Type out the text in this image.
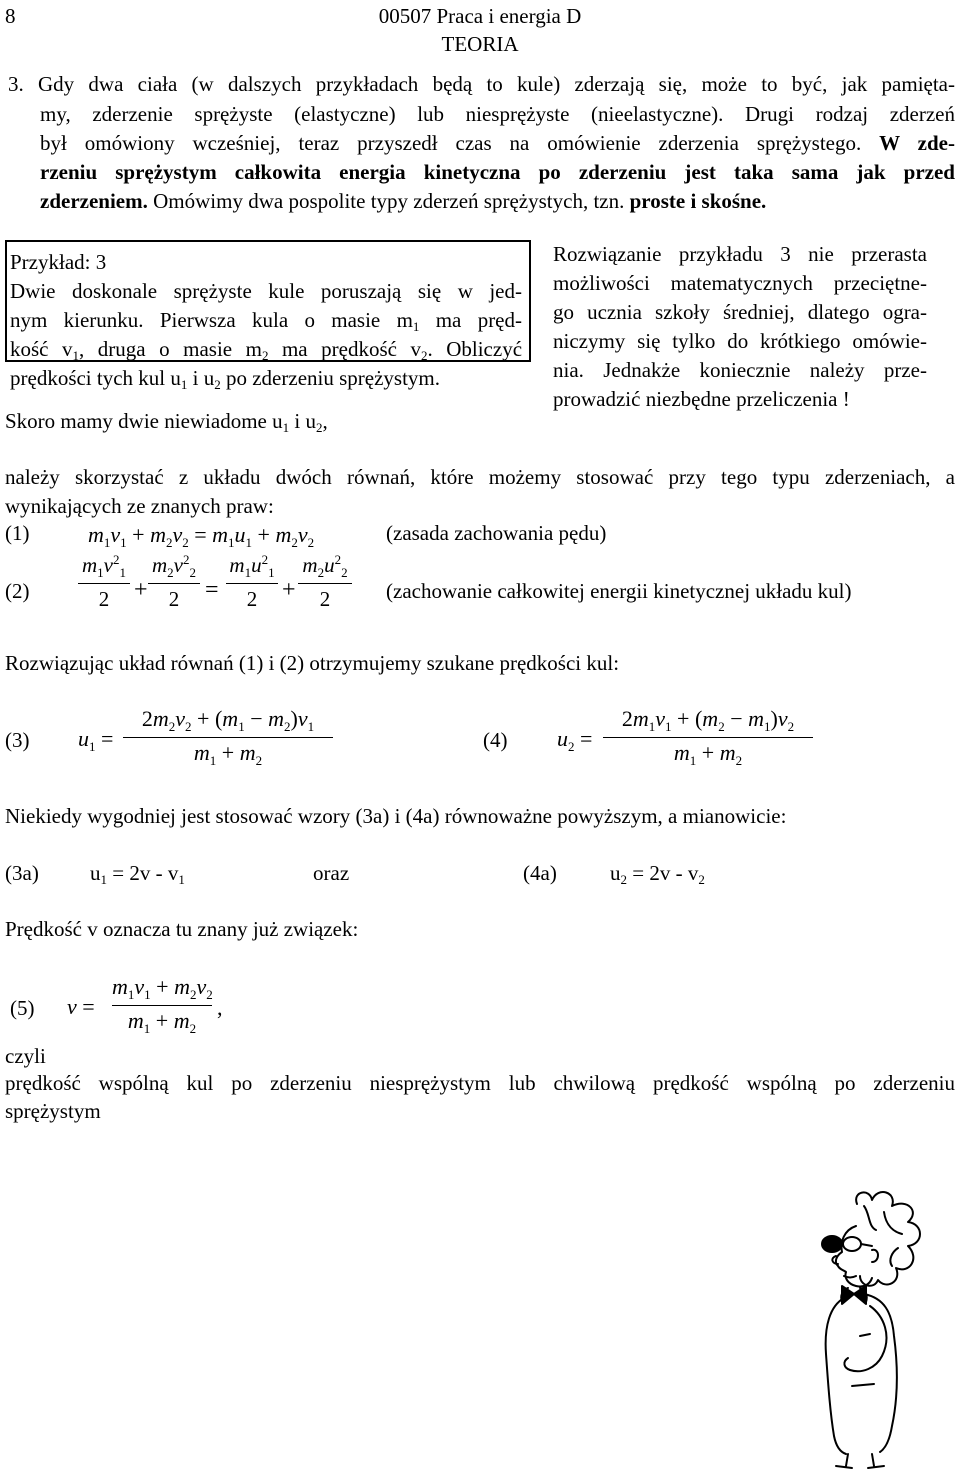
8	00507 Praca i energia D
TEORIA
3. Gdy dwa ciała (w dalszych przykładach będą to kule) zderzają się, może to być, jak pamięta-
my, zderzenie sprężyste (elastyczne) lub niesprężyste (nieelastyczne). Drugi rodzaj zderzeń
był omówiony wcześniej, teraz przyszedł czas na omówienie zderzenia sprężystego. W zde-
rzeniu sprężystym całkowita energia kinetyczna po zderzeniu jest taka sama jak przed
zderzeniem. Omówimy dwa pospolite typy zderzeń sprężystych, tzn. proste i skośne.
Przykład: 3
Dwie doskonale sprężyste kule poruszają się w jed-
nym kierunku. Pierwsza kula o masie $m_1$ ma pręd-
kość $v_1$, druga o masie $m_2$ ma prędkość $v_2$. Obliczyć
prędkości tych kul $u_1$ i $u_2$ po zderzeniu sprężystym.
Rozwiązanie przykładu 3 nie przerasta
możliwości matematycznych przeciętne-
go ucznia szkoły średniej, dlatego ogra-
niczymy się tylko do krótkiego omówie-
nia. Jednakże koniecznie należy prze-
prowadzić niezbędne przeliczenia !
Skoro mamy dwie niewiadome $u_1$ i $u_2$,
należy skorzystać z układu dwóch równań, które możemy stosować przy tego typu zderzeniach, a
wynikających ze znanych praw:
(1)	$m_1v_1 + m_2v_2 = m_1u_1 + m_2v_2$	(zasada zachowania pędu)
(2)
$m_1v^2_1$
2	+
$m_2v^2_2$
2	=
$m_1u^2_1$
2	+
$m_2u^2_2$
2	(zachowanie całkowitej energii kinetycznej układu kul)
Rozwiązując układ równań (1) i (2) otrzymujemy szukane prędkości kul:
(3) $u_1$ =
$2m_2v_2 + (m_1 - m_2)v_1$
$m_1 + m_2$
(4) $u_2$ =
$2m_1v_1 + (m_2 - m_1)v_2$
$m_1 + m_2$
Niekiedy wygodniej jest stosować wzory (3a) i (4a) równoważne powyższym, a mianowicie:
(3a) $u_1 = 2v - v_1$	oraz	(4a)	$u_2 = 2v - v_2$
Prędkość v oznacza tu znany już związek:
(5) v =
$m_1v_1 + m_2v_2$
$m_1 + m_2$
,
czyli
prędkość wspólną kul po zderzeniu niesprężystym lub chwilową prędkość wspólną po zderzeniu
sprężystym
